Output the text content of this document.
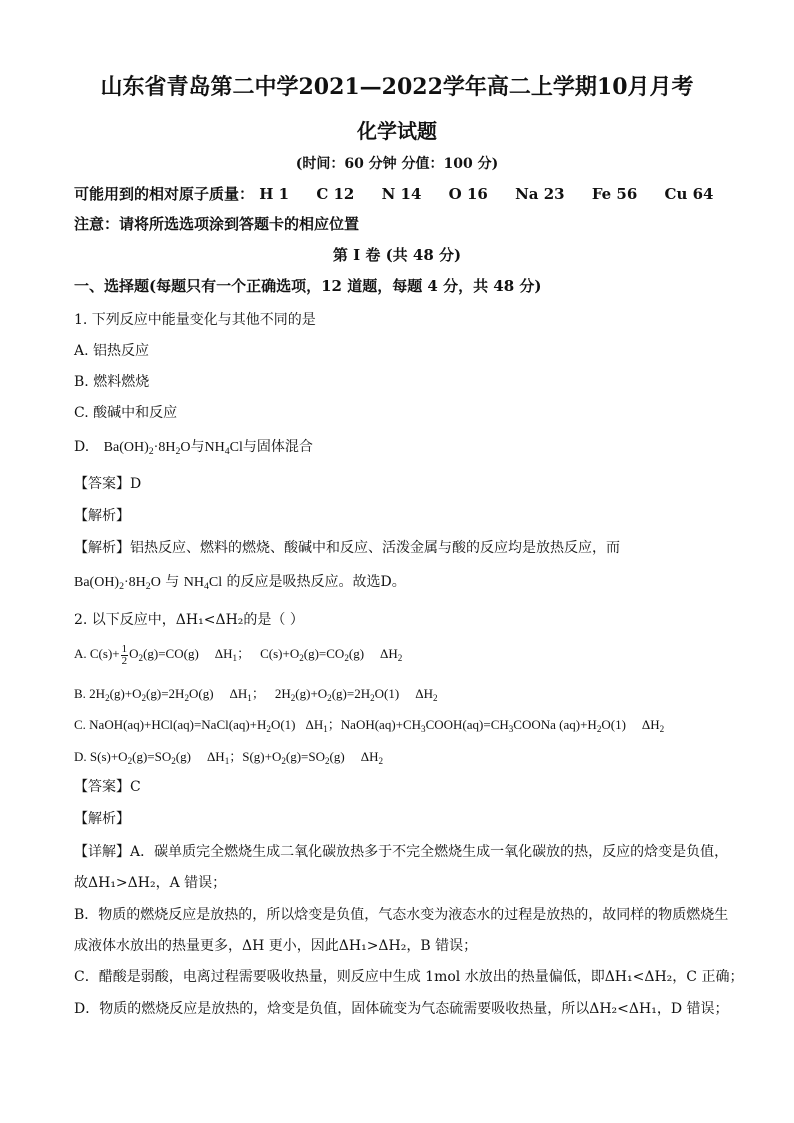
山东省青岛第二中学2021—2022学年高二上学期10月月考
化学试题
(时间：60 分钟 分值：100 分)
可能用到的相对原子质量： H 1 C 12 N 14 O 16 Na 23 Fe 56 Cu 64
注意：请将所选选项涂到答题卡的相应位置
第 I 卷 (共 48 分)
一、选择题(每题只有一个正确选项，12 道题，每题 4 分，共 48 分)
1. 下列反应中能量变化与其他不同的是
A. 铝热反应
B. 燃料燃烧
C. 酸碱中和反应
D. $Ba(OH)_2\cdot 8H_2O$与$NH_4Cl$与固体混合
【答案】D
【解析】
【解析】铝热反应、燃料的燃烧、酸碱中和反应、活泼金属与酸的反应均是放热反应，而
$Ba(OH)_2\cdot 8H_2O$ 与 $NH_4Cl$ 的反应是吸热反应。故选D。
2. 以下反应中，ΔH₁<ΔH₂的是（ ）
A. $C(s)+ \frac{1}{2} O_2(g)=CO(g)$ $\Delta H_1$； $C(s)+O_2(g)=CO_2(g)$ $\Delta H_2$
B. $2H_2(g)+O_2(g)=2H_2O(g)$ $\Delta H_1$； $2H_2(g)+O_2(g)=2H_2O(1)$ $\Delta H_2$
C. $NaOH(aq)+HCl(aq)=NaCl(aq)+H_2O(1)$ $\Delta H_1$；$NaOH(aq)+CH_3COOH(aq)=CH_3COONa$ $(aq)+H_2O(1)$ $\Delta H_2$
D. $S(s)+O_2(g)=SO_2(g)$ $\Delta H_1$；$S(g)+O_2(g)=SO_2(g)$ $\Delta H_2$
【答案】C
【解析】
【详解】A．碳单质完全燃烧生成二氧化碳放热多于不完全燃烧生成一氧化碳放的热，反应的焓变是负值，
故ΔH₁>ΔH₂，A 错误；
B．物质的燃烧反应是放热的，所以焓变是负值，气态水变为液态水的过程是放热的，故同样的物质燃烧生
成液体水放出的热量更多，ΔH 更小，因此ΔH₁>ΔH₂，B 错误；
C．醋酸是弱酸，电离过程需要吸收热量，则反应中生成 1mol 水放出的热量偏低，即ΔH₁<ΔH₂，C 正确；
D．物质的燃烧反应是放热的，焓变是负值，固体硫变为气态硫需要吸收热量，所以ΔH₂<ΔH₁，D 错误；
